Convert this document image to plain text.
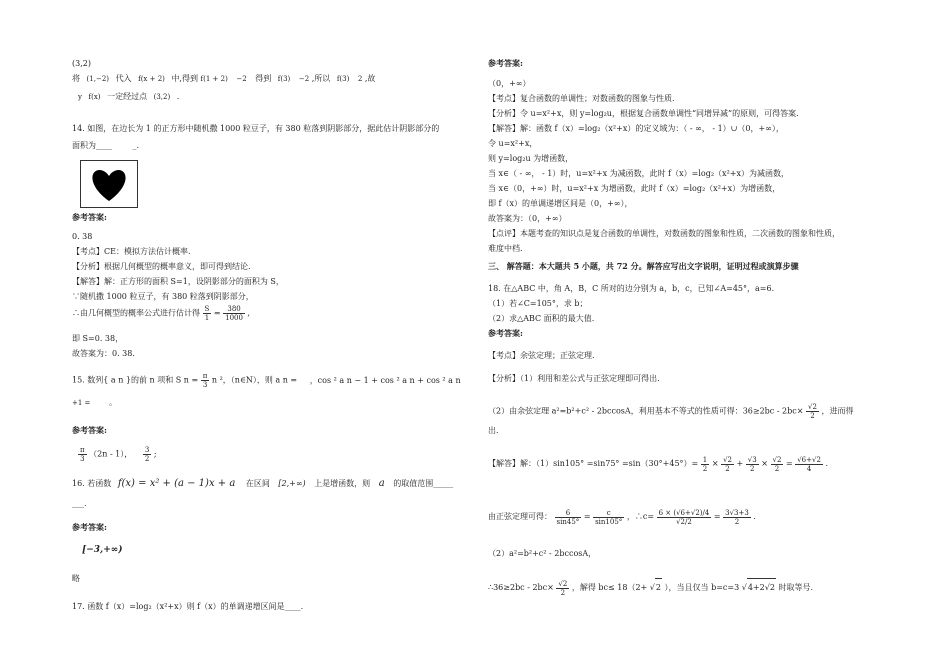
(3,2)
将 (1,−2) 代入 f(x + 2) 中,得到 f(1 + 2) −2 得到 f(3) −2 ,所以 f(3) 2 ,故
y f(x) 一定经过点 (3,2) .
14. 如图，在边长为 1 的正方形中随机撒 1000 粒豆子，有 380 粒落到阴影部分，据此估计阴影部分的
面积为____	_.
参考答案:
0. 38
【考点】CE：模拟方法估计概率.
【分析】根据几何概型的概率意义，即可得到结论.
【解答】解：正方形的面积 S=1，设阴影部分的面积为 S，
∵随机撒 1000 粒豆子，有 380 粒落到阴影部分，
∴由几何概型的概率公式进行估计得 $\frac{S}{1} = \frac{380}{1000}$ ,
即 S=0. 38，
故答案为：0. 38.
15. 数列{ a n }的前 n 项和 S $n = \frac{\pi}{3}$ n ²，（n∈N），则 a n = ，cos ² a n − 1 + cos ² a n + cos ² a n
+1 = 。
参考答案:
$\frac{\pi}{3} (2n - 1)$， $\frac{3}{2}$ ;
16. 若函数 f(x) = x² + (a − 1)x + a 在区间 [2,+∞) 上是增函数，则 a 的取值范围_____
___.
参考答案:
[−3,+∞)
略
17. 函数 f（x）=log₂（x²+x）则 f（x）的单调递增区间是____.
参考答案:
（0，+∞）
【考点】复合函数的单调性；对数函数的图象与性质.
【分析】令 u=x²+x，则 y=log₂u，根据复合函数单调性“同增异减”的原则，可得答案.
【解答】解：函数 f（x）=log₂（x²+x）的定义域为：（ - ∞， - 1）∪（0，+∞），
令 u=x²+x，
则 y=log₂u 为增函数，
当 x∈（ - ∞， - 1）时，u=x²+x 为减函数，此时 f（x）=log₂（x²+x）为减函数，
当 x∈（0，+∞）时，u=x²+x 为增函数，此时 f（x）=log₂（x²+x）为增函数，
即 f（x）的单调递增区间是（0，+∞），
故答案为：（0，+∞）
【点评】本题考查的知识点是复合函数的单调性，对数函数的图象和性质，二次函数的图象和性质，
难度中档.
三、 解答题：本大题共 5 小题，共 72 分。解答应写出文字说明，证明过程或演算步骤
18. 在△ABC 中，角 A，B，C 所对的边分别为 a，b，c，已知∠A=45°，a=6.
（1）若∠C=105°，求 b；
（2）求△ABC 面积的最大值.
参考答案:
【考点】余弦定理；正弦定理.
【分析】（1）利用和差公式与正弦定理即可得出.
（2）由余弦定理 a²=b²+c² - 2bccosA，利用基本不等式的性质可得：$36\ge 2bc - 2bc\times \frac{√2}{2}$ ，进而得
出.
【解答】解：$(1)\sin 105^\circ =\sin 75^\circ =\sin(30^\circ+45^\circ)= \frac{1}{2} \times \frac{√2}{2} + \frac{√3}{2} \times \frac{√2}{2} = \frac{√6+√2}{4}$ .
由正弦定理可得： $\frac{6}{\sin 45^\circ} = \frac{c}{\sin 105^\circ}$ ，∴c= $\frac{6 \times (√6+√2)/4}{√2/2} = \frac{3√3+3}{2}$ .
（2）a²=b²+c² - 2bccosA，
∴36≥2bc - $2bc\times \frac{√2}{2}$ ，解得 bc≤ 18（2+ √2 ），当且仅当 b=c=3 √4+2√2 时取等号.
